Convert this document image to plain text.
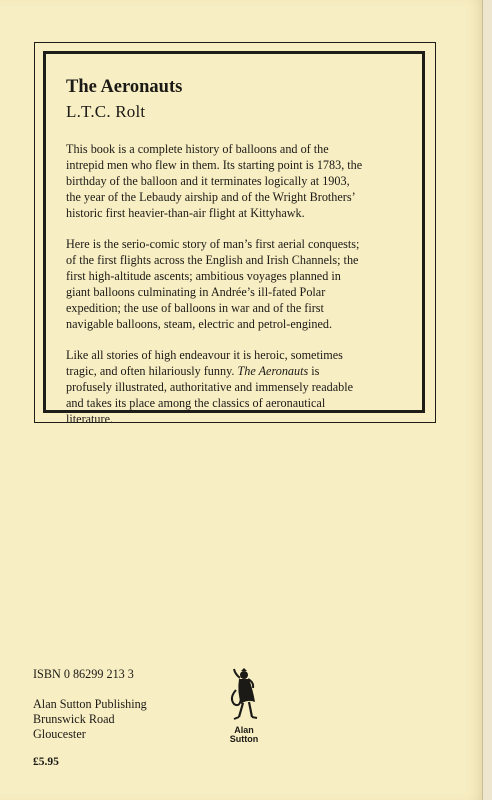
The Aeronauts
L.T.C. Rolt

This book is a complete history of balloons and of the
intrepid men who flew in them. Its starting point is 1783, the
birthday of the balloon and it terminates logically at 1903,
the year of the Lebaudy airship and of the Wright Brothers’
historic first heavier-than-air flight at Kittyhawk.

Here is the serio-comic story of man’s first aerial conquests;
of the first flights across the English and Irish Channels; the
first high-altitude ascents; ambitious voyages planned in
giant balloons culminating in Andrée’s ill-fated Polar
expedition; the use of balloons in war and of the first
navigable balloons, steam, electric and petrol-engined.

Like all stories of high endeavour it is heroic, sometimes
tragic, and often hilariously funny. The Aeronauts is
profusely illustrated, authoritative and immensely readable
and takes its place among the classics of aeronautical
literature.

ISBN 0 86299 213 3
Alan Sutton Publishing
Brunswick Road
Gloucester
£5.95
Alan
Sutton
